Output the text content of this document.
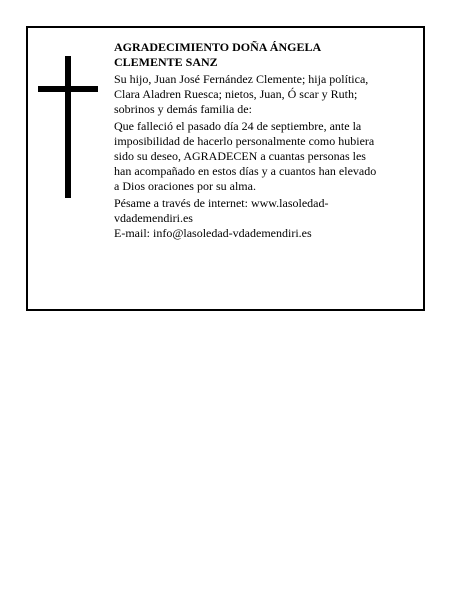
AGRADECIMIENTO DOÑA ÁNGELA
CLEMENTE SANZ
Su hijo, Juan José Fernández Clemente; hija política,
Clara Aladren Ruesca; nietos, Juan, Ó scar y Ruth;
sobrinos y demás familia de:
Que falleció el pasado día 24 de septiembre, ante la
imposibilidad de hacerlo personalmente como hubiera
sido su deseo, AGRADECEN a cuantas personas les
han acompañado en estos días y a cuantos han elevado
a Dios oraciones por su alma.
Pésame a través de internet: www.lasoledad-
vdademendiri.es
E-mail: info@lasoledad-vdademendiri.es
